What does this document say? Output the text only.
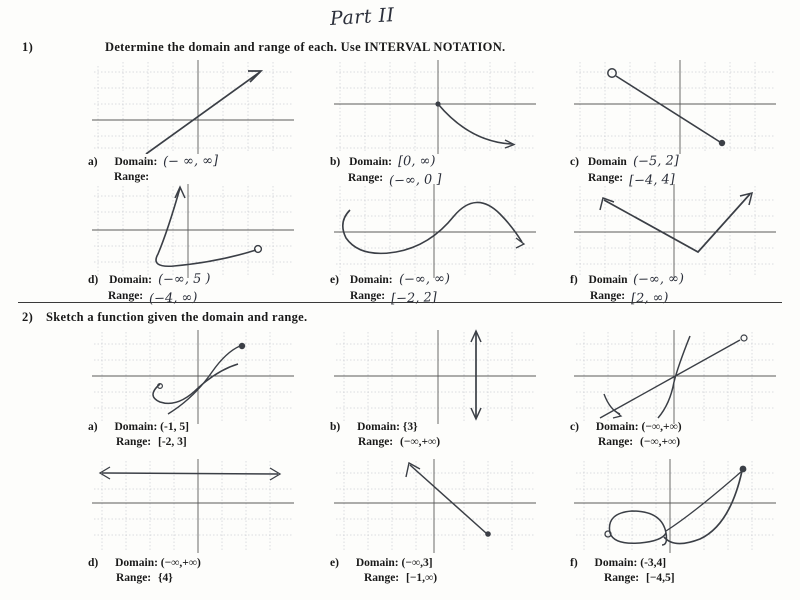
Part II
1)	Determine the domain and range of each. Use INTERVAL NOTATION.
a) Domain: (− ∞, ∞]
Range:
b) Domain: [0, ∞)
Range: (−∞, 0 ]
c) Domain (−5, 2]
Range: [−4, 4]
d) Domain: (−∞, 5 )
Range: (−4, ∞)
e) Domain: (−∞, ∞)
Range: [−2, 2]
f) Domain (−∞, ∞)
Range: [2, ∞)
2) Sketch a function given the domain and range.
a) Domain: (-1, 5]
Range: [-2, 3]
b) Domain: {3}
Range: (−∞,+∞)
c) Domain: (−∞,+∞)
Range: (−∞,+∞)
d) Domain: (−∞,+∞)
Range: {4}
e) Domain: (−∞,3]
Range: [−1,∞)
f) Domain: (-3,4]
Range: [−4,5]
